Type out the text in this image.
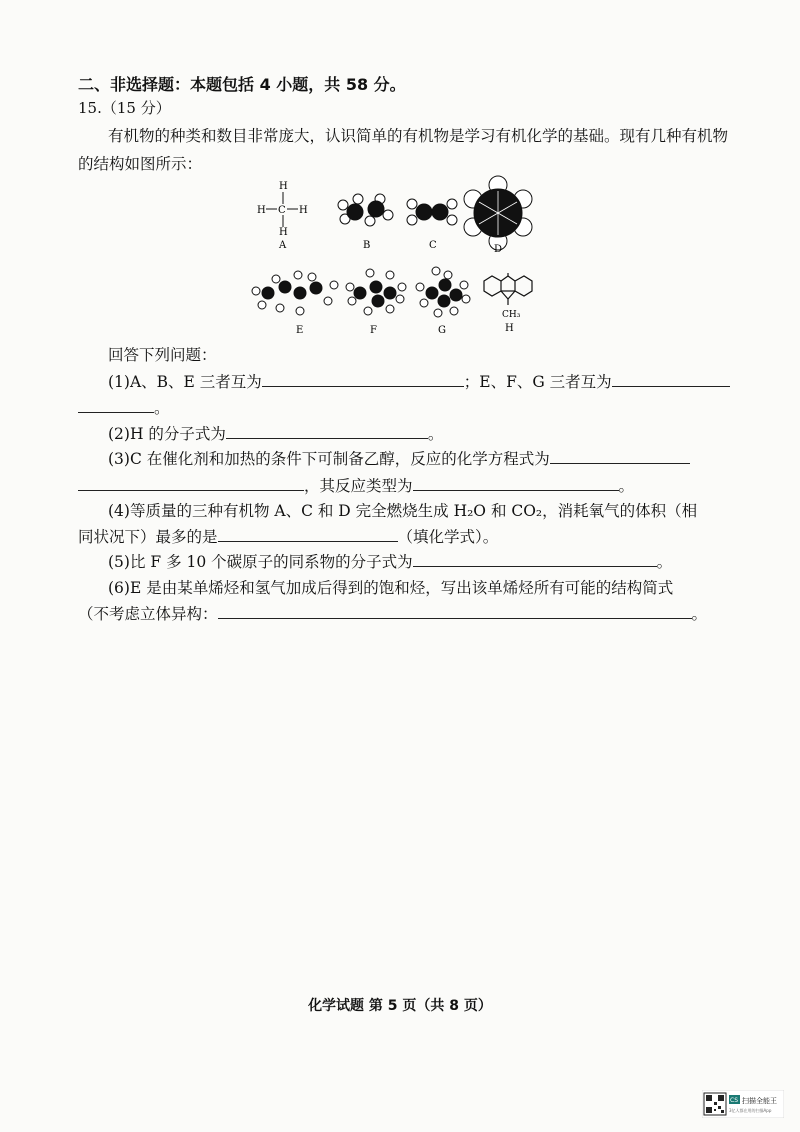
二、非选择题：本题包括 4 小题，共 58 分。
15.（15 分）
有机物的种类和数目非常庞大，认识简单的有机物是学习有机化学的基础。现有几种有机物的结构如图所示：
H
H C H
H
A	B	C	D
E	F	G
CH₃
H
回答下列问题：
(1)A、B、E 三者互为	；E、F、G 三者互为
。
(2)H 的分子式为	。
(3)C 在催化剂和加热的条件下可制备乙醇，反应的化学方程式为
，其反应类型为	。
(4)等质量的三种有机物 A、C 和 D 完全燃烧生成 H₂O 和 CO₂，消耗氧气的体积（相
同状况下）最多的是	（填化学式）。
(5)比 F 多 10 个碳原子的同系物的分子式为	。
(6)E 是由某单烯烃和氢气加成后得到的饱和烃，写出该单烯烃所有可能的结构简式
（不考虑立体异构：	。
化学试题 第 5 页（共 8 页）
CS 扫描全能王
3亿人都在用的扫描App
